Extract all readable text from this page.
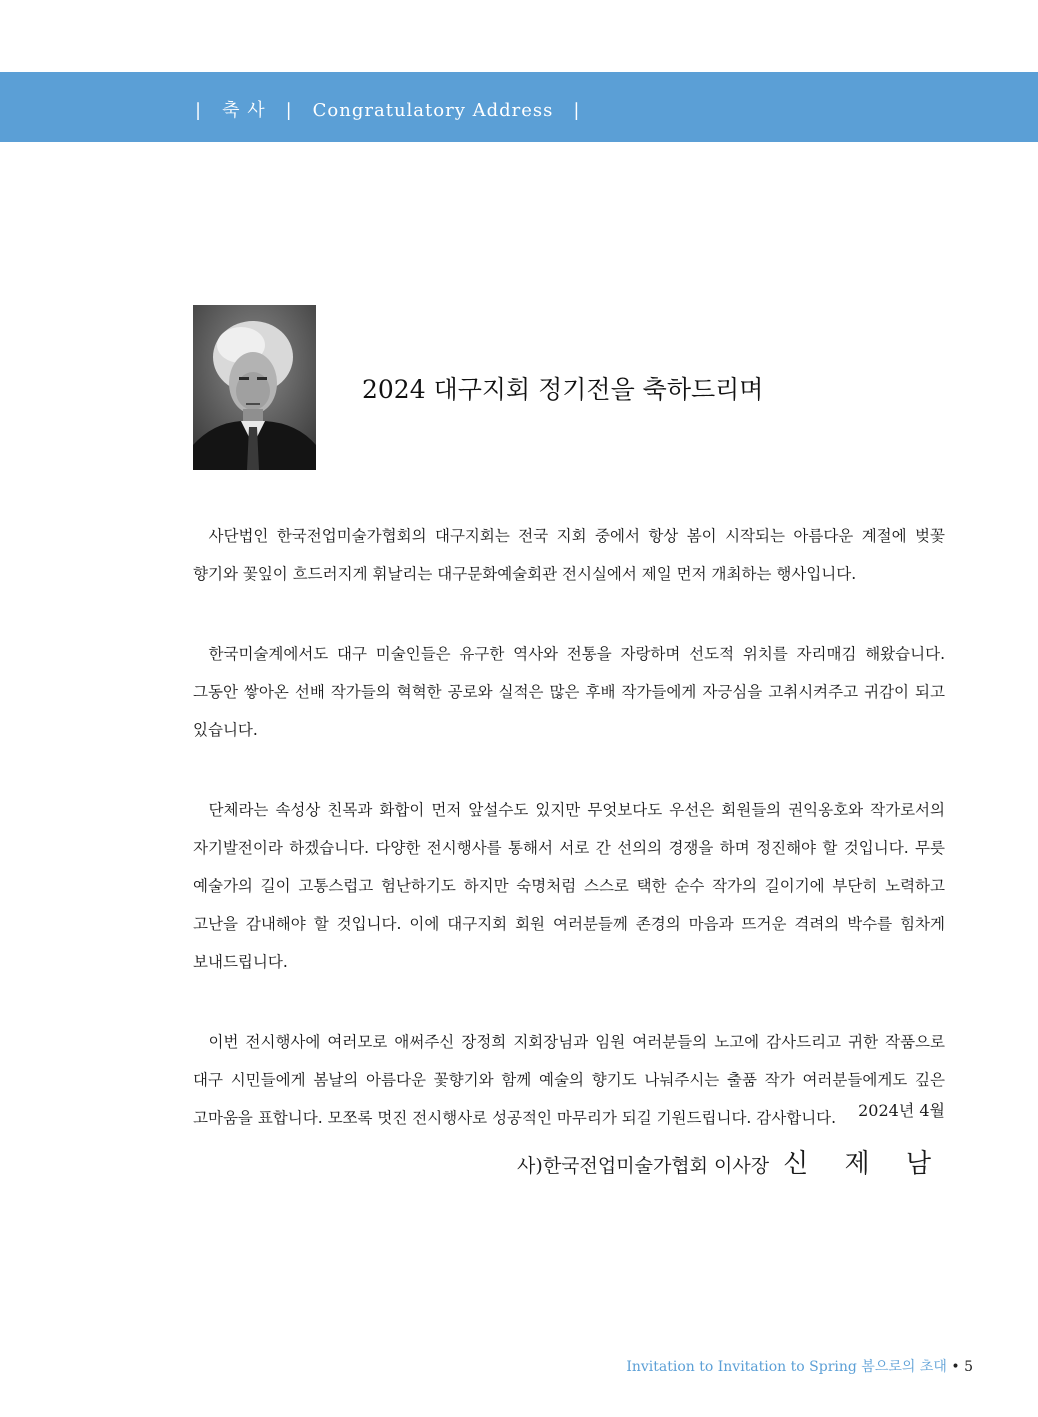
| 축 사 | Congratulatory Address |
2024 대구지회 정기전을 축하드리며

사단법인 한국전업미술가협회의 대구지회는 전국 지회 중에서 항상 봄이 시작되는 아름다운 계절에 벚꽃 향기와 꽃잎이 흐드러지게 휘날리는 대구문화예술회관 전시실에서 제일 먼저 개최하는 행사입니다.

한국미술계에서도 대구 미술인들은 유구한 역사와 전통을 자랑하며 선도적 위치를 자리매김 해왔습니다. 그동안 쌓아온 선배 작가들의 혁혁한 공로와 실적은 많은 후배 작가들에게 자긍심을 고취시켜주고 귀감이 되고 있습니다.

단체라는 속성상 친목과 화합이 먼저 앞설수도 있지만 무엇보다도 우선은 회원들의 권익옹호와 작가로서의 자기발전이라 하겠습니다. 다양한 전시행사를 통해서 서로 간 선의의 경쟁을 하며 정진해야 할 것입니다. 무릇 예술가의 길이 고통스럽고 험난하기도 하지만 숙명처럼 스스로 택한 순수 작가의 길이기에 부단히 노력하고 고난을 감내해야 할 것입니다. 이에 대구지회 회원 여러분들께 존경의 마음과 뜨거운 격려의 박수를 힘차게 보내드립니다.

이번 전시행사에 여러모로 애써주신 장정희 지회장님과 임원 여러분들의 노고에 감사드리고 귀한 작품으로 대구 시민들에게 봄날의 아름다운 꽃향기와 함께 예술의 향기도 나눠주시는 출품 작가 여러분들에게도 깊은 고마움을 표합니다. 모쪼록 멋진 전시행사로 성공적인 마무리가 되길 기원드립니다. 감사합니다.	2024년 4월
사)한국전업미술가협회 이사장 신 제 남
Invitation to Invitation to Spring 봄으로의 초대 • 5
